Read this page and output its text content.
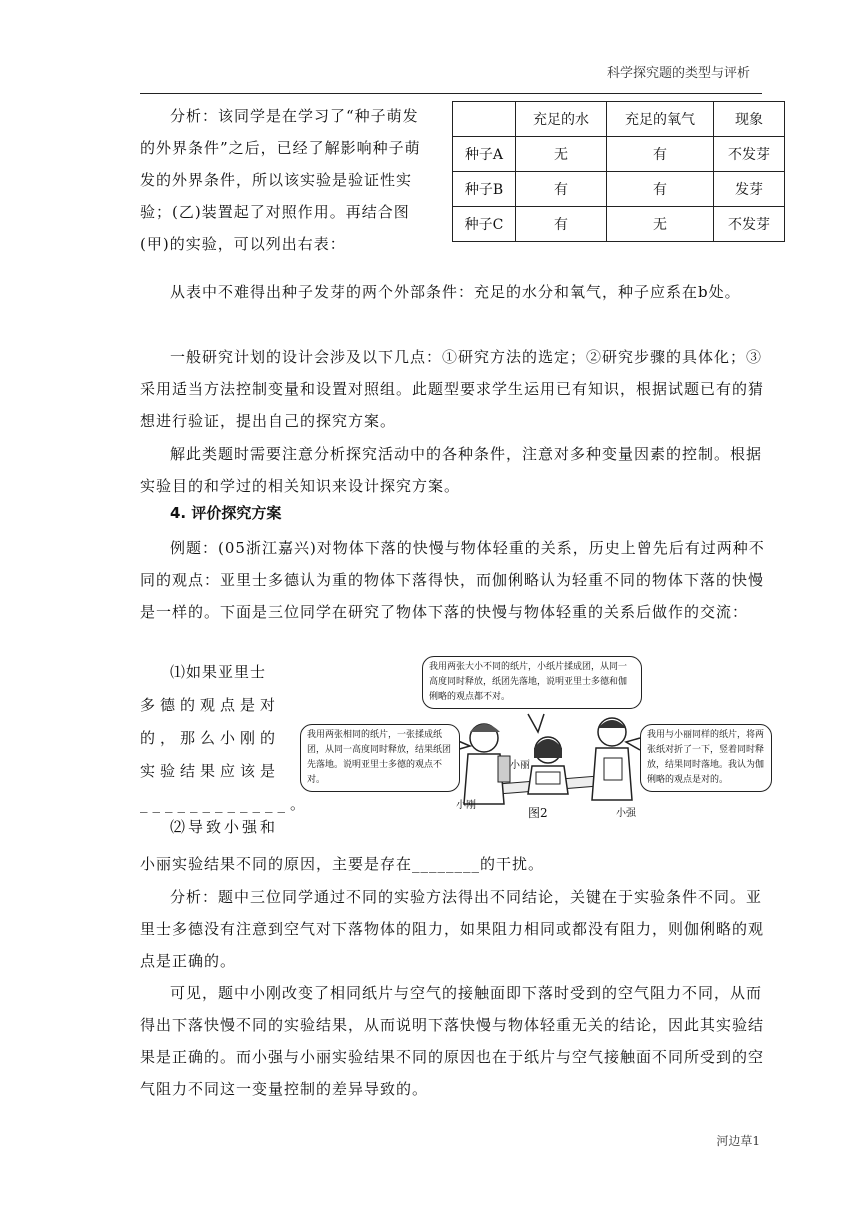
科学探究题的类型与评析

分析：该同学是在学习了“种子萌发的外界条件”之后，已经了解影响种子萌发的外界条件，所以该实验是验证性实验；(乙)装置起了对照作用。再结合图(甲)的实验，可以列出右表：

	充足的水	充足的氧气	现象
种子A	无	有	不发芽
种子B	有	有	发芽
种子C	有	无	不发芽

从表中不难得出种子发芽的两个外部条件：充足的水分和氧气，种子应系在b处。

一般研究计划的设计会涉及以下几点：①研究方法的选定；②研究步骤的具体化；③采用适当方法控制变量和设置对照组。此题型要求学生运用已有知识，根据试题已有的猜想进行验证，提出自己的探究方案。

解此类题时需要注意分析探究活动中的各种条件，注意对多种变量因素的控制。根据实验目的和学过的相关知识来设计探究方案。

4. 评价探究方案

例题：(05浙江嘉兴)对物体下落的快慢与物体轻重的关系，历史上曾先后有过两种不同的观点：亚里士多德认为重的物体下落得快，而伽俐略认为轻重不同的物体下落的快慢是一样的。下面是三位同学在研究了物体下落的快慢与物体轻重的关系后做作的交流：

⑴如果亚里士
多德的观点是对的，那么小刚的实验结果应该是____________。

我用两张大小不同的纸片，小纸片揉成团，从同一高度同时释放，纸团先落地，说明亚里士多德和伽俐略的观点都不对。
我用两张相同的纸片，一张揉成纸团，从同一高度同时释放，结果纸团先落地。说明亚里士多德的观点不对。
我用与小丽同样的纸片，将两张纸对折了一下，竖着同时释放，结果同时落地。我认为伽俐略的观点是对的。
小刚
小丽
小强
图2
⑵导致小强和

小丽实验结果不同的原因，主要是存在________的干扰。

分析：题中三位同学通过不同的实验方法得出不同结论，关键在于实验条件不同。亚里士多德没有注意到空气对下落物体的阻力，如果阻力相同或都没有阻力，则伽俐略的观点是正确的。

可见，题中小刚改变了相同纸片与空气的接触面即下落时受到的空气阻力不同，从而得出下落快慢不同的实验结果，从而说明下落快慢与物体轻重无关的结论，因此其实验结果是正确的。而小强与小丽实验结果不同的原因也在于纸片与空气接触面不同所受到的空气阻力不同这一变量控制的差异导致的。

河边草1
